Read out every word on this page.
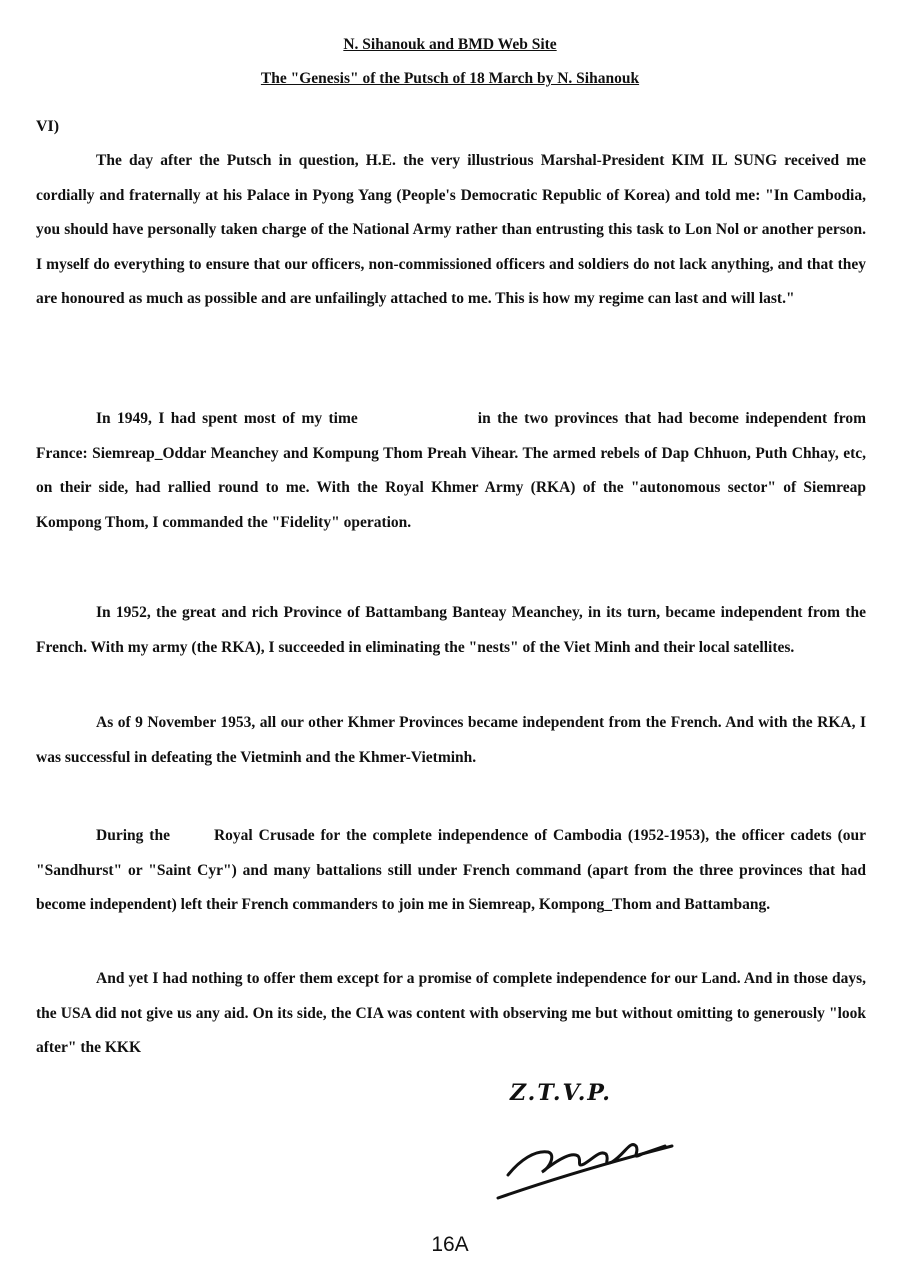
N. Sihanouk and BMD Web Site
The "Genesis" of the Putsch of 18 March by N. Sihanouk
VI)

The day after the Putsch in question, H.E. the very illustrious Marshal-President KIM IL SUNG received me cordially and fraternally at his Palace in Pyong Yang (People's Democratic Republic of Korea) and told me: "In Cambodia, you should have personally taken charge of the National Army rather than entrusting this task to Lon Nol or another person. I myself do everything to ensure that our officers, non-commissioned officers and soldiers do not lack anything, and that they are honoured as much as possible and are unfailingly attached to me. This is how my regime can last and will last."

In 1949, I had spent most of my time	in the two provinces that had become independent from France: Siemreap_Oddar Meanchey and Kompung Thom Preah Vihear. The armed rebels of Dap Chhuon, Puth Chhay, etc, on their side, had rallied round to me. With the Royal Khmer Army (RKA) of the "autonomous sector" of Siemreap Kompong Thom, I commanded the "Fidelity" operation.

In 1952, the great and rich Province of Battambang Banteay Meanchey, in its turn, became independent from the French. With my army (the RKA), I succeeded in eliminating the "nests" of the Viet Minh and their local satellites.

As of 9 November 1953, all our other Khmer Provinces became independent from the French. And with the RKA, I was successful in defeating the Vietminh and the Khmer-Vietminh.

During the	Royal Crusade for the complete independence of Cambodia (1952-1953), the officer cadets (our "Sandhurst" or "Saint Cyr") and many battalions still under French command (apart from the three provinces that had become independent) left their French commanders to join me in Siemreap, Kompong_Thom and Battambang.

And yet I had nothing to offer them except for a promise of complete independence for our Land. And in those days, the USA did not give us any aid. On its side, the CIA was content with observing me but without omitting to generously "look after" the KKK

Z.T.V.P.
16A
